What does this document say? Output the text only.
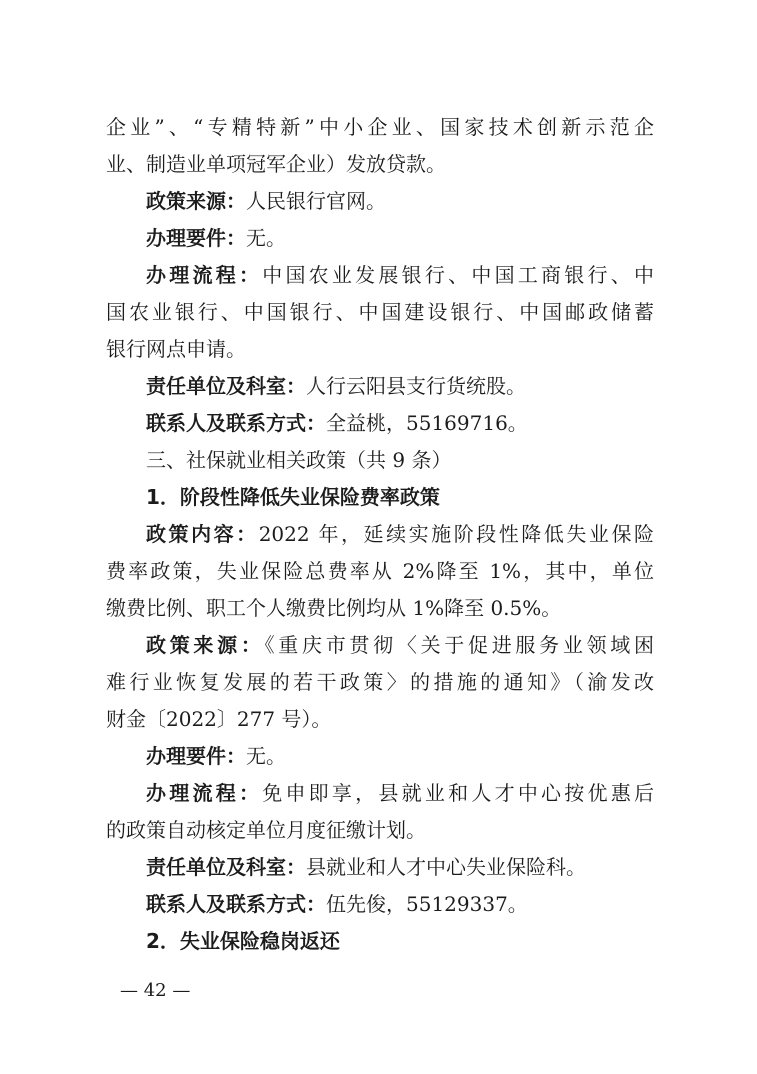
企业”、“专精特新”中小企业、国家技术创新示范企
业、制造业单项冠军企业）发放贷款。
政策来源：人民银行官网。
办理要件：无。
办理流程：中国农业发展银行、中国工商银行、中
国农业银行、中国银行、中国建设银行、中国邮政储蓄
银行网点申请。
责任单位及科室：人行云阳县支行货统股。
联系人及联系方式：全益桃，55169716。
三、社保就业相关政策（共 9 条）
1．阶段性降低失业保险费率政策
政策内容：2022 年，延续实施阶段性降低失业保险
费率政策，失业保险总费率从 2%降至 1%，其中，单位
缴费比例、职工个人缴费比例均从 1%降至 0.5%。
政策来源：《重庆市贯彻〈关于促进服务业领域困
难行业恢复发展的若干政策〉的措施的通知》（渝发改
财金〔2022〕277 号）。
办理要件：无。
办理流程：免申即享，县就业和人才中心按优惠后
的政策自动核定单位月度征缴计划。
责任单位及科室：县就业和人才中心失业保险科。
联系人及联系方式：伍先俊，55129337。
2．失业保险稳岗返还
— 42 —
